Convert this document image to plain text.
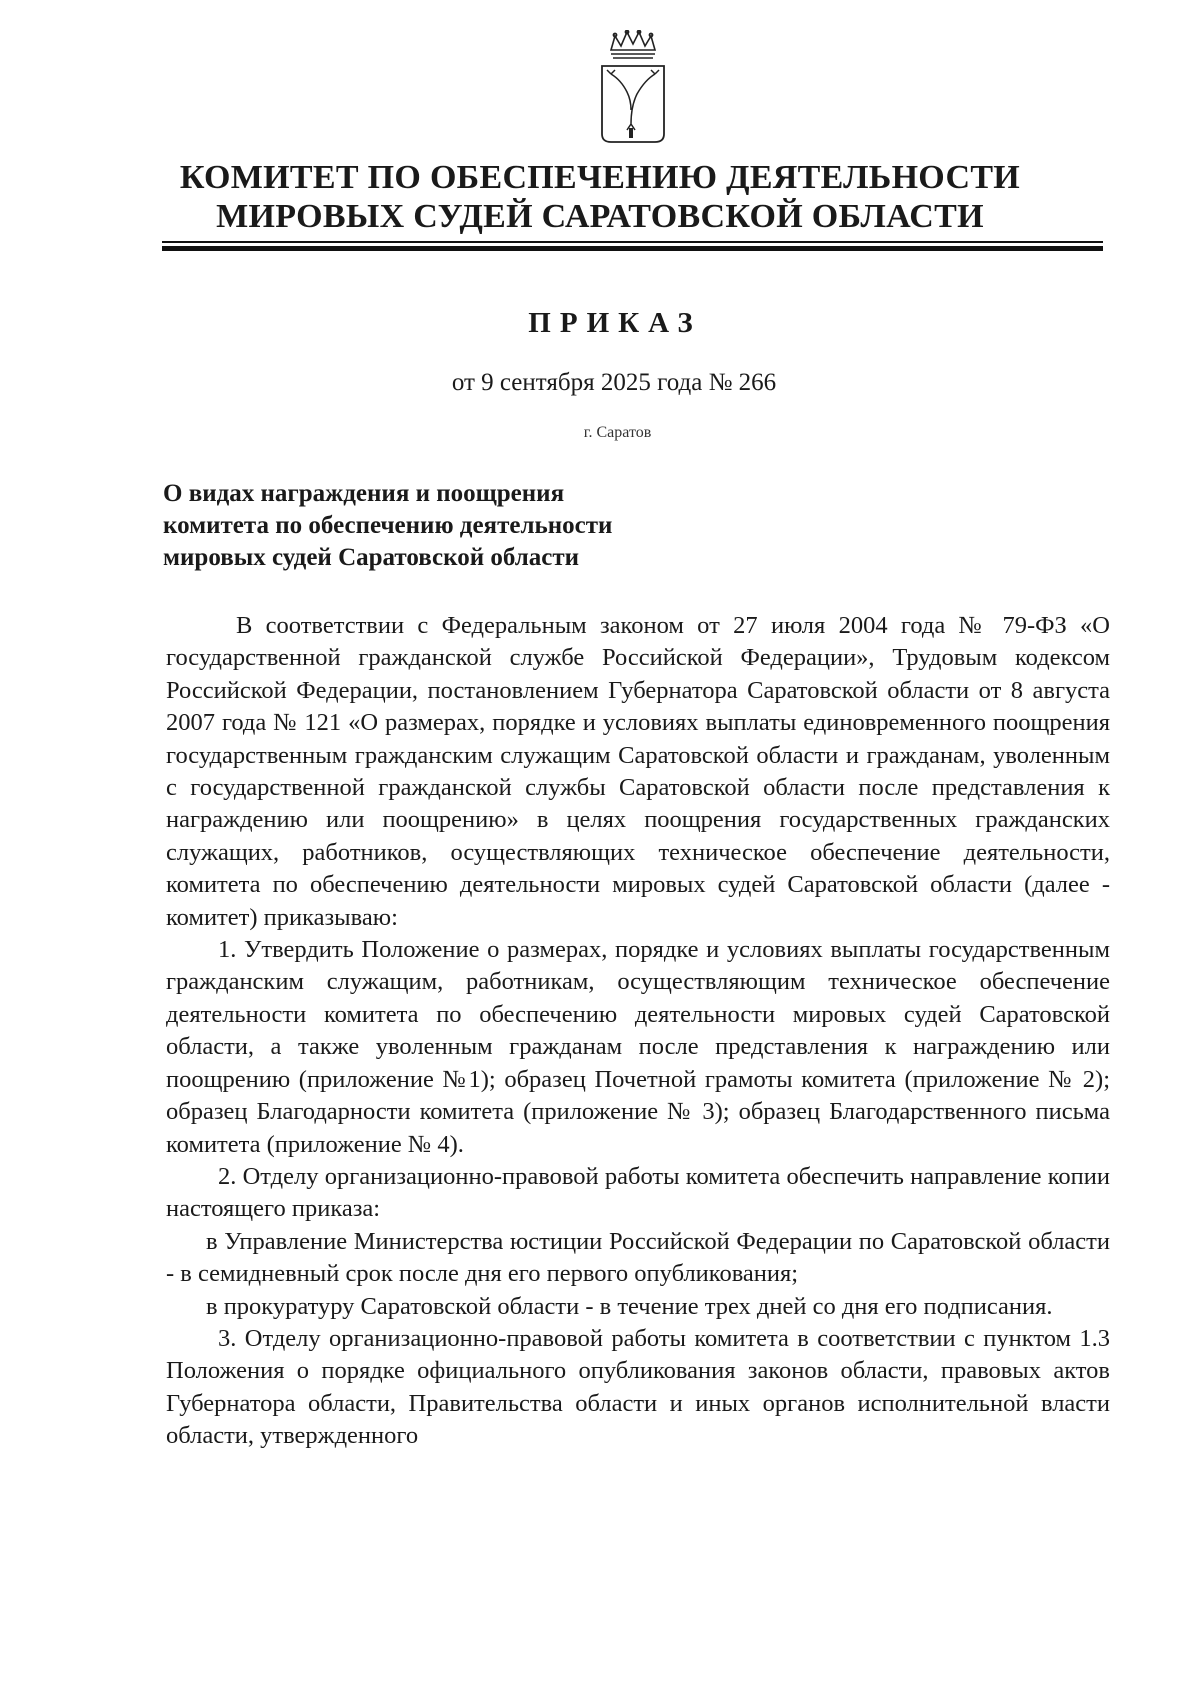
КОМИТЕТ ПО ОБЕСПЕЧЕНИЮ ДЕЯТЕЛЬНОСТИ
МИРОВЫХ СУДЕЙ САРАТОВСКОЙ ОБЛАСТИ
ПРИКАЗ
от 9 сентября 2025 года № 266
г. Саратов
О видах награждения и поощрения
комитета по обеспечению деятельности
мировых судей Саратовской области

В соответствии с Федеральным законом от 27 июля 2004 года № 79-ФЗ «О государственной гражданской службе Российской Федерации», Трудовым кодексом Российской Федерации, постановлением Губернатора Саратовской области от 8 августа 2007 года № 121 «О размерах, порядке и условиях выплаты единовременного поощрения государственным гражданским служащим Саратовской области и гражданам, уволенным с государственной гражданской службы Саратовской области после представления к награждению или поощрению» в целях поощрения государственных гражданских служащих, работников, осуществляющих техническое обеспечение деятельности, комитета по обеспечению деятельности мировых судей Саратовской области (далее - комитет) приказываю:

1. Утвердить Положение о размерах, порядке и условиях выплаты государственным гражданским служащим, работникам, осуществляющим техническое обеспечение деятельности комитета по обеспечению деятельности мировых судей Саратовской области, а также уволенным гражданам после представления к награждению или поощрению (приложение №1); образец Почетной грамоты комитета (приложение № 2); образец Благодарности комитета (приложение № 3); образец Благодарственного письма комитета (приложение № 4).

2. Отделу организационно-правовой работы комитета обеспечить направление копии настоящего приказа:

в Управление Министерства юстиции Российской Федерации по Саратовской области - в семидневный срок после дня его первого опубликования;

в прокуратуру Саратовской области - в течение трех дней со дня его подписания.

3. Отделу организационно-правовой работы комитета в соответствии с пунктом 1.3 Положения о порядке официального опубликования законов области, правовых актов Губернатора области, Правительства области и иных органов исполнительной власти области, утвержденного
